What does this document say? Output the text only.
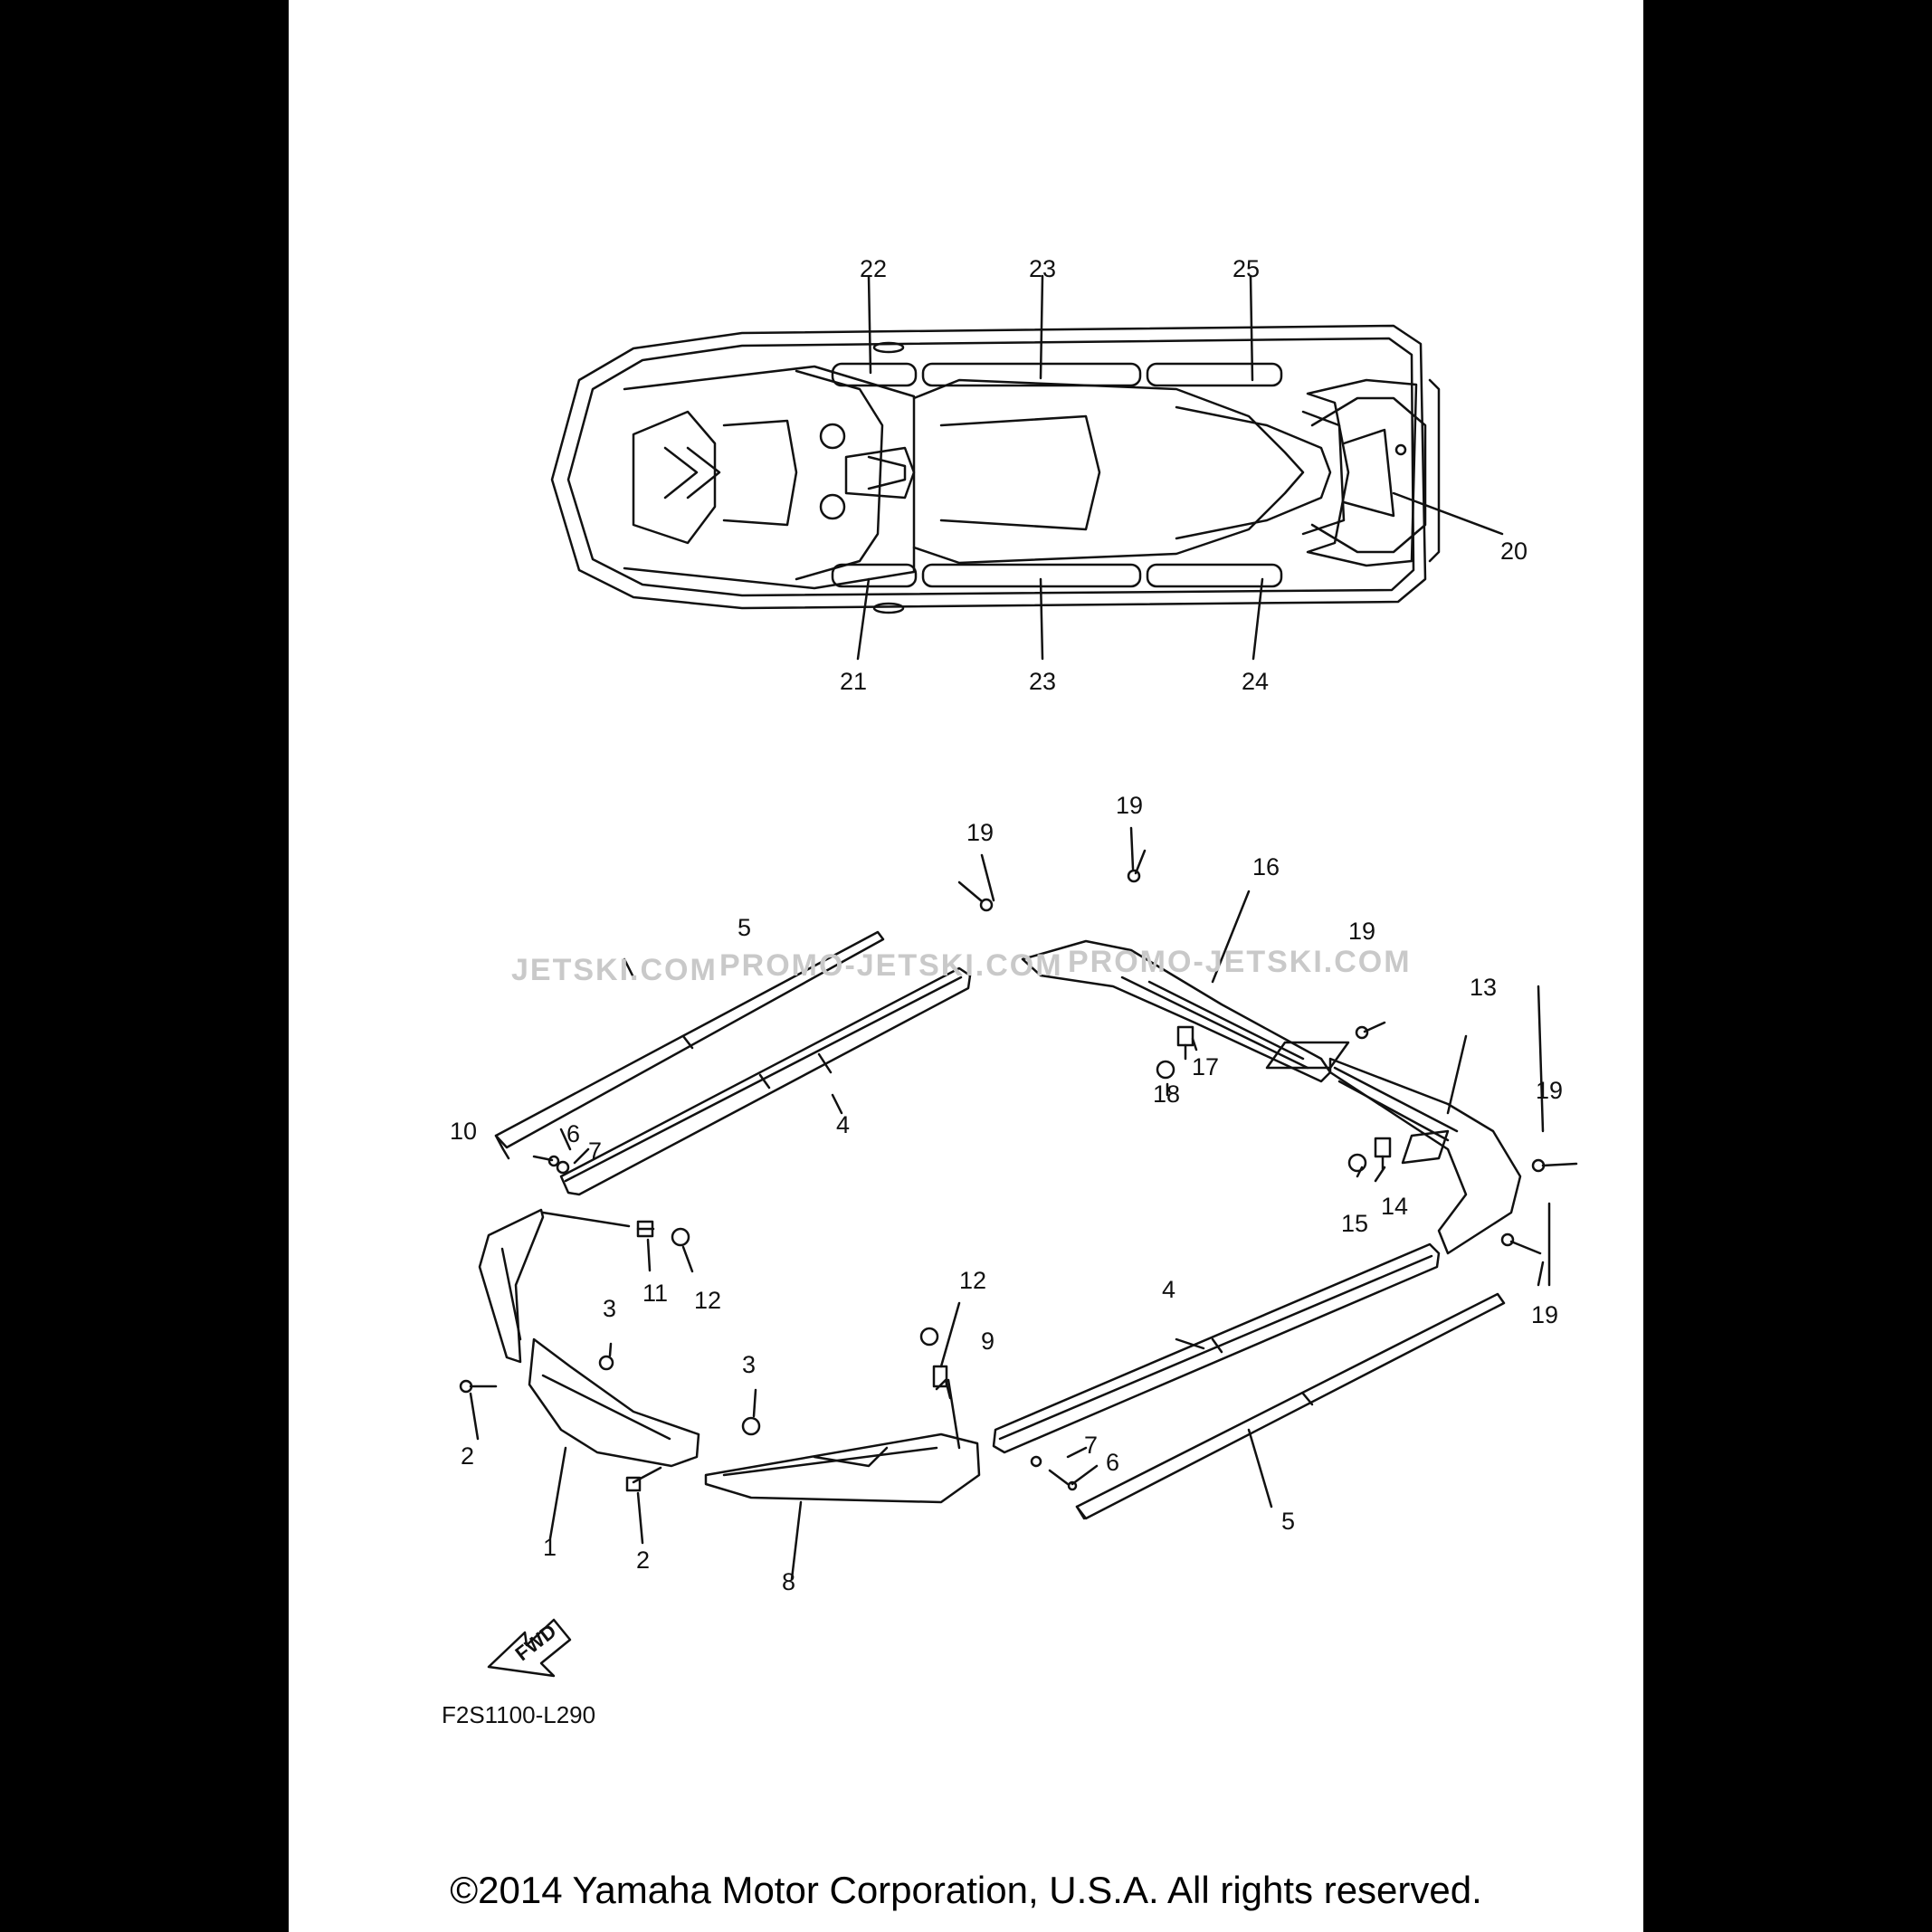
JETSKI.COM PROMO-JETSKI.COM PROMO-JETSKI.COM
22	23	25
20
21	23	24
19
19
16
19
5
13
17
18
4
10	6
7
19
14
15
11 12
19
3
12	4
9
3
2	7
6
1	2
8
5
FWD
F2S1100-L290
©2014 Yamaha Motor Corporation, U.S.A. All rights reserved.
